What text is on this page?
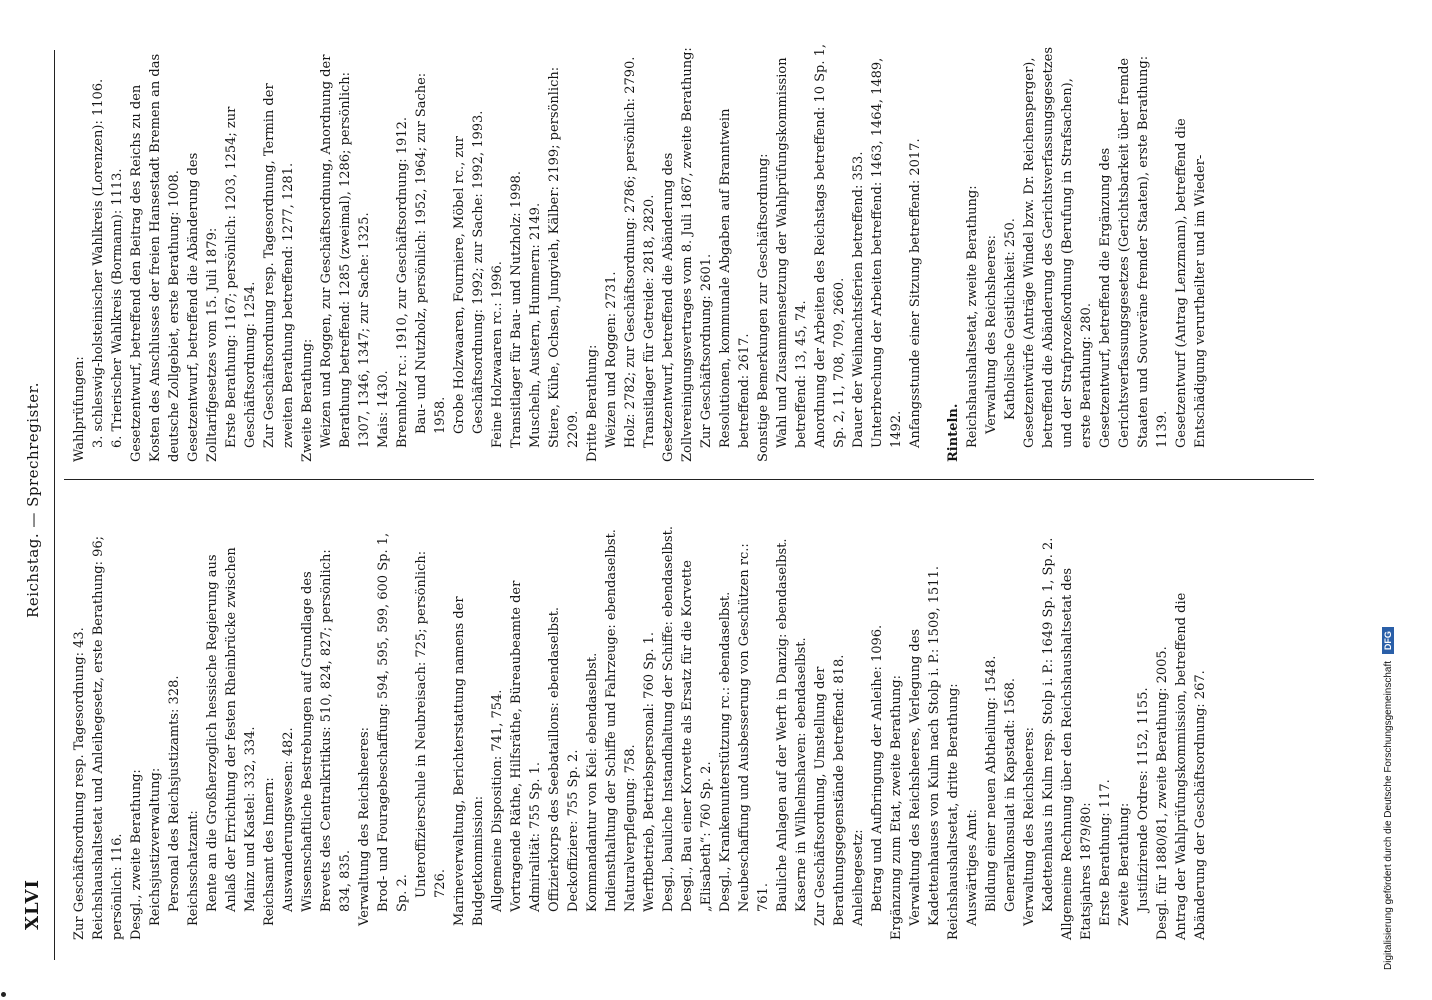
XLVI
Reichstag. — Sprechregister.
Zur Geschäftsordnung resp. Tagesordnung: 43. Reichshaushaltsetat und Anleihegesetz, erste Berathung: 96; persönlich: 116. Desgl., zweite Berathung: Reichsjustizverwaltung: Personal des Reichsjustizamts: 328. Reichsschatzamt: Rente an die Großherzoglich hessische Regierung aus Anlaß der Errichtung der festen Rheinbrücke zwischen Mainz und Kastel: 332, 334. Reichsamt des Innern: Auswanderungswesen: 482. Wissenschaftliche Bestrebungen auf Grundlage des Brevets des Centralkritikus: 510, 824, 827; persönlich: 834, 835. Verwaltung des Reichsheeres: Brod- und Fouragebeschaffung: 594, 595, 599, 600 Sp. 1, Sp. 2. Unteroffizierschule in Neubreisach: 725; persönlich: 726. Marineverwaltung, Berichterstattung namens der Budgetkommission: Allgemeine Disposition: 741, 754. Vortragende Räthe, Hilfsräthe, Büreaubeamte der Admiralität: 755 Sp. 1. Offizierkorps des Seebataillons: ebendaselbst. Deckoffiziere: 755 Sp. 2. Kommandantur von Kiel: ebendaselbst. Indiensthaltung der Schiffe und Fahrzeuge: ebendaselbst. Naturalverpflegung: 758. Werftbetrieb, Betriebspersonal: 760 Sp. 1. Desgl., bauliche Instandhaltung der Schiffe: ebendaselbst. Desgl., Bau einer Korvette als Ersatz für die Korvette „Elisabeth“: 760 Sp. 2. Desgl., Krankenunterstützung rc.: ebendaselbst. Neubeschaffung und Ausbesserung von Geschützen rc.: 761. Bauliche Anlagen auf der Werft in Danzig: ebendaselbst. Kaserne in Wilhelmshaven: ebendaselbst. Zur Geschäftsordnung, Umstellung der Berathungsgegenstände betreffend: 818. Anleihegesetz: Betrag und Aufbringung der Anleihe: 1096. Ergänzung zum Etat, zweite Berathung: Verwaltung des Reichsheeres, Verlegung des Kadettenhauses von Kulm nach Stolp i. P.: 1509, 1511. Reichshaushaltsetat, dritte Berathung: Auswärtiges Amt: Bildung einer neuen Abtheilung: 1548. Generalkonsulat in Kapstadt: 1568. Verwaltung des Reichsheeres: Kadettenhaus in Kulm resp. Stolp i. P.: 1649 Sp. 1, Sp. 2. Allgemeine Rechnung über den Reichshaushaltsetat des Etatsjahres 1879/80: Erste Berathung: 117. Zweite Berathung: Justifizirende Ordres: 1152, 1155. Desgl. für 1880/81, zweite Berathung: 2005. Antrag der Wahlprüfungskommission, betreffend die Abänderung der Geschäftsordnung: 267.
Wahlprüfungen: 3. schleswig-holsteinischer Wahlkreis (Lorenzen): 1106. 6. Trierischer Wahlkreis (Bormann): 1113. Gesetzentwurf, betreffend den Beitrag des Reichs zu den Kosten des Anschlusses der freien Hansestadt Bremen an das deutsche Zollgebiet, erste Berathung: 1008. Gesetzentwurf, betreffend die Abänderung des Zolltarifgesetzes vom 15. Juli 1879: Erste Berathung: 1167; persönlich: 1203, 1254; zur Geschäftsordnung: 1254. Zur Geschäftsordnung resp. Tagesordnung, Termin der zweiten Berathung betreffend: 1277, 1281. Zweite Berathung: Weizen und Roggen, zur Geschäftsordnung, Anordnung der Berathung betreffend: 1285 (zweimal), 1286; persönlich: 1307, 1346, 1347; zur Sache: 1325. Mais: 1430. Brennholz rc.: 1910, zur Geschäftsordnung: 1912. Bau- und Nutzholz, persönlich: 1952, 1964; zur Sache: 1958. Grobe Holzwaaren, Fourniere, Möbel rc., zur Geschäftsordnung: 1992; zur Sache: 1992, 1993. Feine Holzwaaren rc.: 1996. Transitlager für Bau- und Nutzholz: 1998. Muscheln, Austern, Hummern: 2149. Stiere, Kühe, Ochsen, Jungvieh, Kälber: 2199; persönlich: 2209. Dritte Berathung: Weizen und Roggen: 2731. Holz: 2782; zur Geschäftsordnung: 2786; persönlich: 2790. Transitlager für Getreide: 2818, 2820. Gesetzentwurf, betreffend die Abänderung des Zollvereinigungsvertrages vom 8. Juli 1867, zweite Berathung: Zur Geschäftsordnung: 2601. Resolutionen, kommunale Abgaben auf Branntwein betreffend: 2617. Sonstige Bemerkungen zur Geschäftsordnung: Wahl und Zusammensetzung der Wahlprüfungskommission betreffend: 13, 45, 74. Anordnung der Arbeiten des Reichstags betreffend: 10 Sp. 1, Sp. 2, 11, 708, 709, 2660. Dauer der Weihnachtsferien betreffend: 353. Unterbrechung der Arbeiten betreffend: 1463, 1464, 1489, 1492. Anfangsstunde einer Sitzung betreffend: 2017. Rinteln. Reichshaushaltsetat, zweite Berathung: Verwaltung des Reichsheeres: Katholische Geistlichkeit: 250. Gesetzentwürfe (Anträge Windel bzw. Dr. Reichensperger), betreffend die Abänderung des Gerichtsverfassungsgesetzes und der Strafprozeßordnung (Berufung in Strafsachen), erste Berathung: 280. Gesetzentwurf, betreffend die Ergänzung des Gerichtsverfassungsgesetzes (Gerichtsbarkeit über fremde Staaten und Souveräne fremder Staaten), erste Berathung: 1139. Gesetzentwurf (Antrag Lenzmann), betreffend die Entschädigung verurtheilter und im Wieder-
Digitalisierung gefördert durch die Deutsche Forschungsgemeinschaft DFG
